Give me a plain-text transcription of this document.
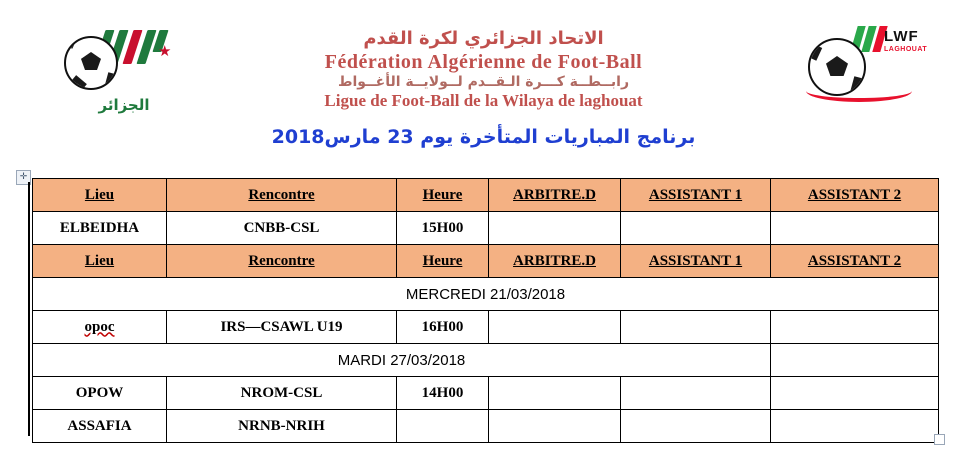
★
الجزائر
الاتحاد الجزائري لكرة القدم
Fédération Algérienne de Foot-Ball
رابــطــة كـــرة الـقــدم لــولايــة الأغــواط
Ligue de Foot-Ball de la Wilaya de laghouat
LWF
LAGHOUAT
برنامج المباريات المتأخرة يوم 23 مارس2018
✛
Lieu	Rencontre	Heure	ARBITRE.D	ASSISTANT 1	ASSISTANT 2
ELBEIDHA	CNBB-CSL	15H00			
Lieu	Rencontre	Heure	ARBITRE.D	ASSISTANT 1	ASSISTANT 2
MERCREDI 21/03/2018					
opoc	IRS—CSAWL U19	16H00			
MARDI 27/03/2018					
OPOW	NROM-CSL	14H00			
ASSAFIA	NRNB-NRIH				
